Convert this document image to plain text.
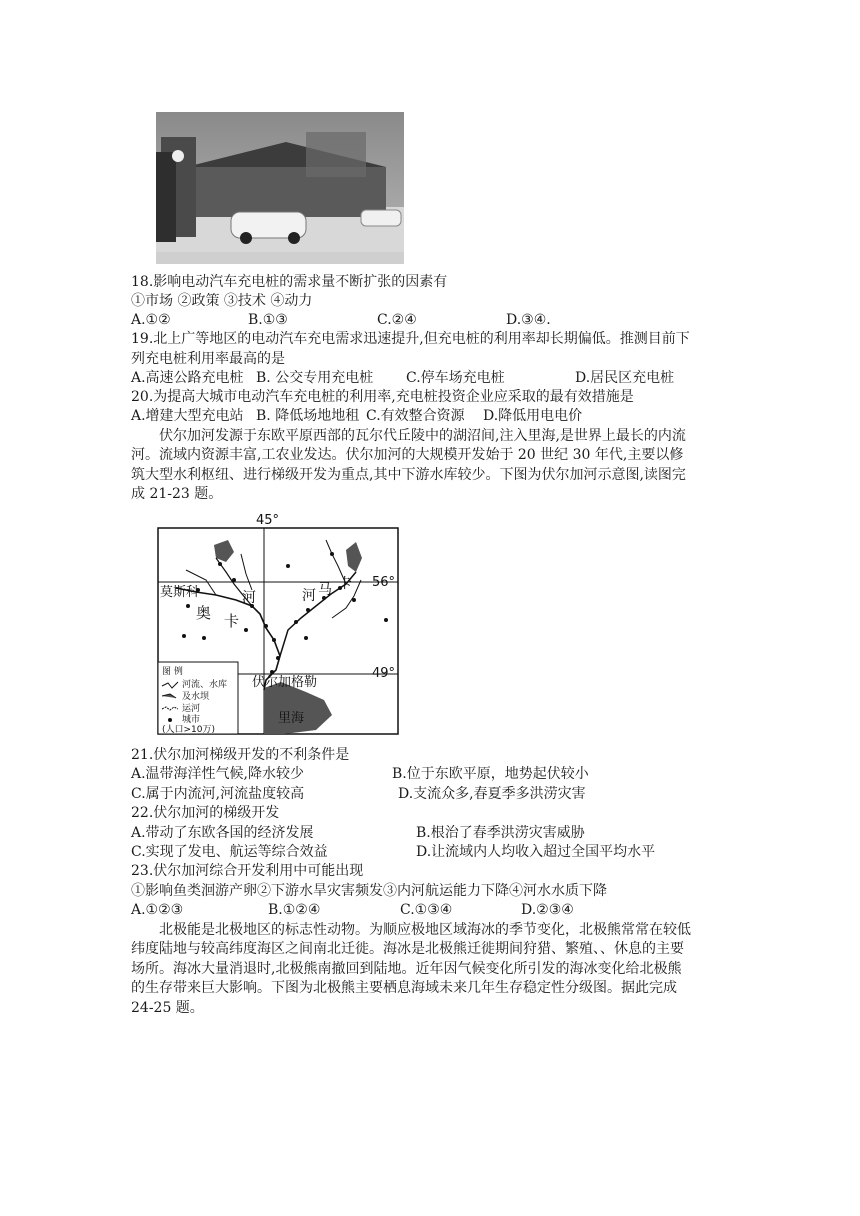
18.影响电动汽车充电桩的需求量不断扩张的因素有
①市场 ②政策 ③技术 ④动力
A.①②	B.①③	C.②④	D.③④.
19.北上广等地区的电动汽车充电需求迅速提升,但充电桩的利用率却长期偏低。推测目前下
列充电桩利用率最高的是
A.高速公路充电桩 B. 公交专用充电桩 C.停车场充电桩	D.居民区充电桩
20.为提高大城市电动汽车充电桩的利用率,充电桩投资企业应采取的最有效措施是
A.增建大型充电站 B. 降低场地地租 C.有效整合资源 D.降低用电电价
伏尔加河发源于东欧平原西部的瓦尔代丘陵中的湖沼间,注入里海,是世界上最长的内流
河。流域内资源丰富,工农业发达。伏尔加河的大规模开发始于 20 世纪 30 年代,主要以修
筑大型水利枢纽、进行梯级开发为重点,其中下游水库较少。下图为伏尔加河示意图,读图完
成 21-23 题。
45°
56°
49°
莫斯科
伏尔加格勒
奥 卡
河	河 马 卡
里海
图 例
河流、水库
及水坝
运河
城市
(人口>10万)
21.伏尔加河梯级开发的不利条件是
A.温带海洋性气候,降水较少	B.位于东欧平原，地势起伏较小
C.属于内流河,河流盐度较高	D.支流众多,春夏季多洪涝灾害
22.伏尔加河的梯级开发
A.带动了东欧各国的经济发展	B.根治了春季洪涝灾害威胁
C.实现了发电、航运等综合效益	D.让流域内人均收入超过全国平均水平
23.伏尔加河综合开发利用中可能出现
①影响鱼类洄游产卵②下游水旱灾害频发③内河航运能力下降④河水水质下降
A.①②③	B.①②④	C.①③④	D.②③④
北极能是北极地区的标志性动物。为顺应极地区域海冰的季节变化，北极熊常常在较低
纬度陆地与较高纬度海区之间南北迁徙。海冰是北极熊迁徙期间狩猎、繁殖、、休息的主要
场所。海冰大量消退时,北极熊南撤回到陆地。近年因气候变化所引发的海冰变化给北极熊
的生存带来巨大影响。下图为北极熊主要栖息海域未来几年生存稳定性分级图。据此完成
24-25 题。
